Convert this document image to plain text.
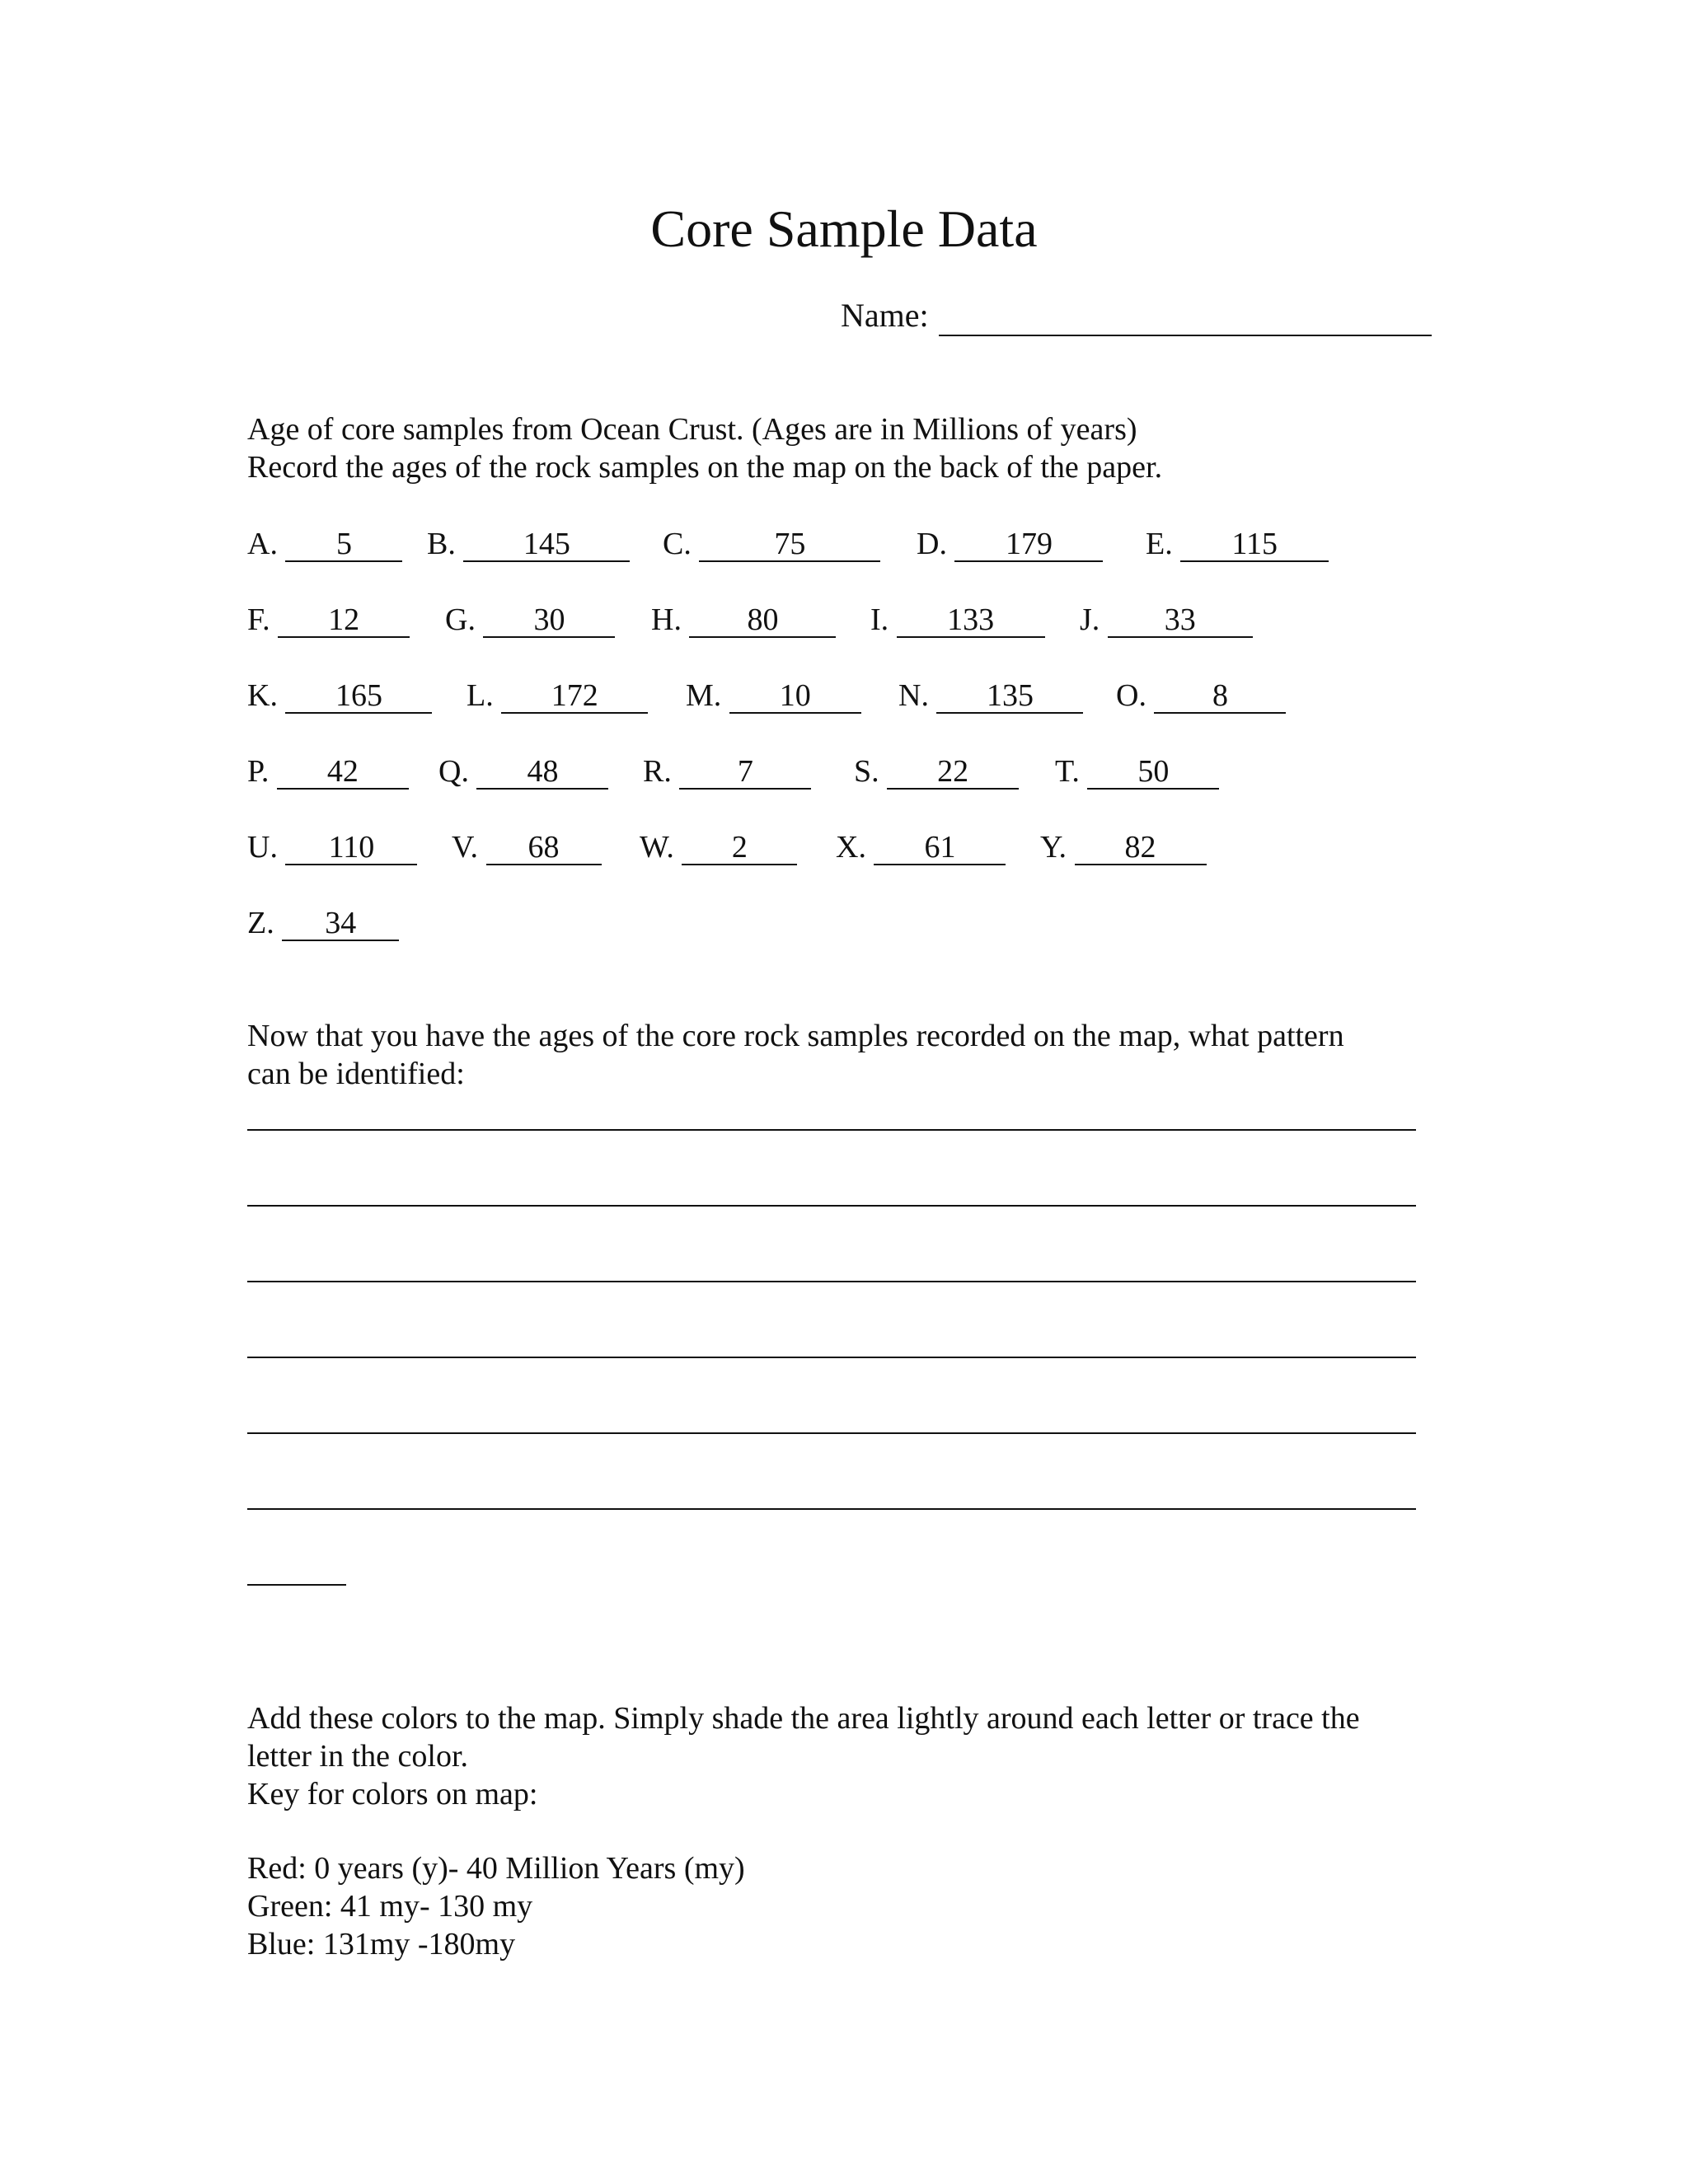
Core Sample Data
Name:
Age of core samples from Ocean Crust. (Ages are in Millions of years)
Record the ages of the rock samples on the map on the back of the paper.
A. 5	B. 145	C.	75	D. 179	E. 115
F. 12	G. 30	H. 80	I. 133	J. 33
K. 165	L. 172	M. 10	N. 135	O. 8
P. 42	Q. 48	R. 7	S. 22	T. 50
U. 110	V. 68	W. 2	X. 61	Y. 82
Z. 34
Now that you have the ages of the core rock samples recorded on the map, what pattern
can be identified:
Add these colors to the map. Simply shade the area lightly around each letter or trace the
letter in the color.
Key for colors on map:
Red: 0 years (y)- 40 Million Years (my)
Green: 41 my- 130 my
Blue: 131my -180my
